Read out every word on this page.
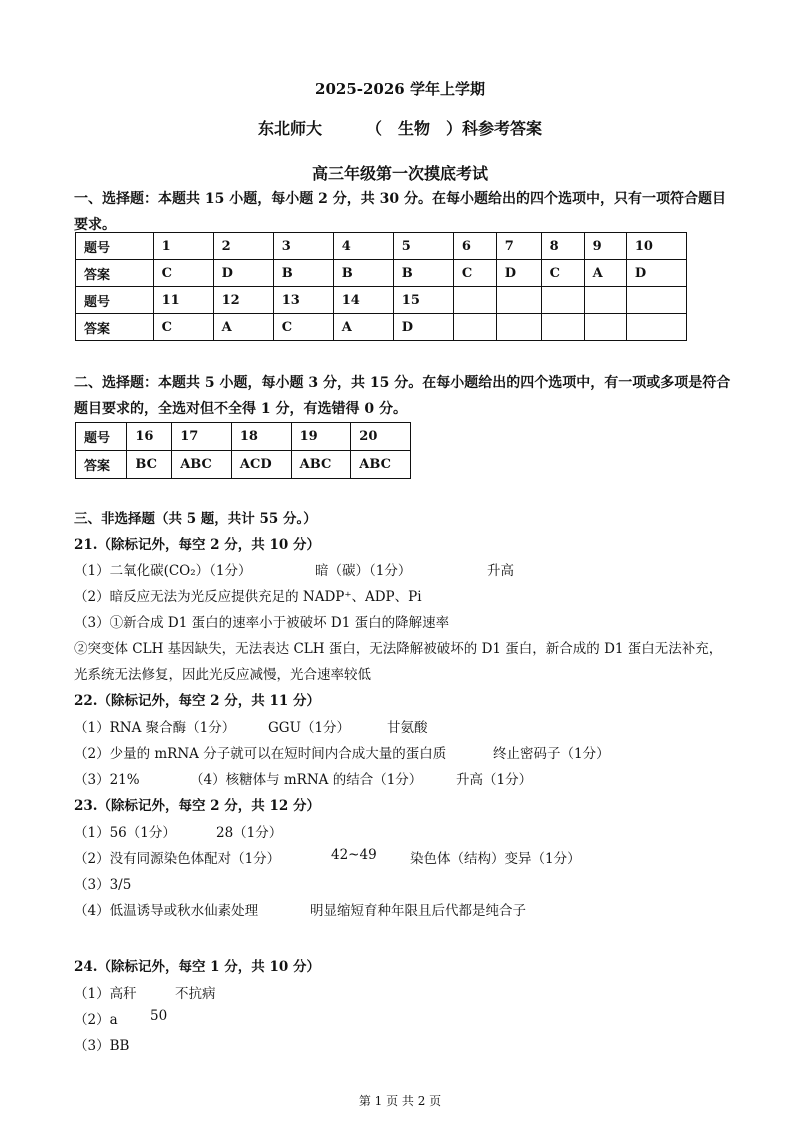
2025-2026 学年上学期
东北师大	（　生物　）科参考答案
高三年级第一次摸底考试
一、选择题：本题共 15 小题，每小题 2 分，共 30 分。在每小题给出的四个选项中，只有一项符合题目要求。
题号	1	2	3	4	5	6	7	8	9	10
答案	C	D	B	B	B	C	D	C	A	D
题号	11	12	13	14	15					
答案	C	A	C	A	D					
二、选择题：本题共 5 小题，每小题 3 分，共 15 分。在每小题给出的四个选项中，有一项或多项是符合题目要求的，全选对但不全得 1 分，有选错得 0 分。
题号	16	17	18	19	20
答案	BC	ABC	ACD	ABC	ABC
三、非选择题（共 5 题，共计 55 分。）
21.（除标记外，每空 2 分，共 10 分）
（1）二氧化碳(CO₂）（1分）	暗（碳）（1分）	升高
（2）暗反应无法为光反应提供充足的 NADP⁺、ADP、Pi
（3）①新合成 D1 蛋白的速率小于被破坏 D1 蛋白的降解速率
②突变体 CLH 基因缺失，无法表达 CLH 蛋白，无法降解被破坏的 D1 蛋白，新合成的 D1 蛋白无法补充，
光系统无法修复，因此光反应减慢，光合速率较低
22.（除标记外，每空 2 分，共 11 分）
（1）RNA 聚合酶（1分） GGU（1分）	甘氨酸
（2）少量的 mRNA 分子就可以在短时间内合成大量的蛋白质	终止密码子（1分）
（3）21%	（4）核糖体与 mRNA 的结合（1分） 升高（1分）
23.（除标记外，每空 2 分，共 12 分）
（1）56（1分）	28（1分）
（2）没有同源染色体配对（1分）	42~49 染色体（结构）变异（1分）
（3）3/5
（4）低温诱导或秋水仙素处理	明显缩短育种年限且后代都是纯合子
24.（除标记外，每空 1 分，共 10 分）
（1）高秆	不抗病
（2）a 50
（3）BB
第 1 页 共 2 页
